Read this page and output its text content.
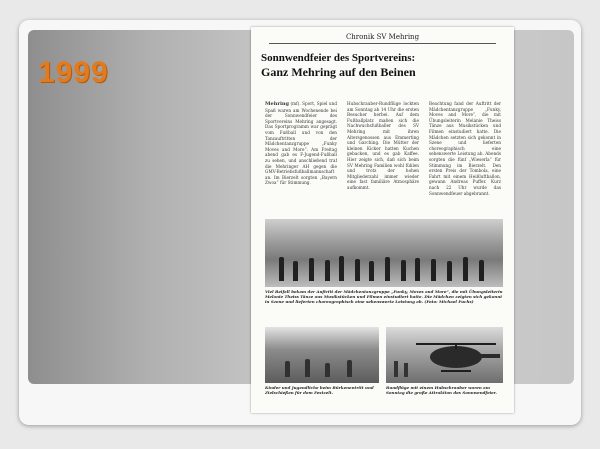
1999
Chronik SV Mehring
Sonnwendfeier des Sportvereins:
Ganz Mehring auf den Beinen
Mehring (mf). Sport, Spiel und Spaß waren am Wochenende bei der Sonnwendfeier des Sportvereins Mehring angesagt. Das Sportprogramm war geprägt vom Fußball und von den Tanzauftritten der Mädchentanzgruppe „Funky Moves and More“. Am Freitag abend gab es F-Jugend-Fußball zu sehen, und anschließend traf die Mehringer AH gegen die GMV-Betriebsfußballmannschaft an. Im Bierzelt sorgten „Bayern Zwoa“ für Stimmung.
Hubschrauber-Rundflüge lockten am Sonntag ab 14 Uhr die ersten Besucher herbei. Auf dem Fußballplatz maßen sich die Nachwuchsfußballer des SV Mehring mit ihren Altersgenossen aus Emmerting und Garching. Die Mütter der kleinen Kicker hatten Kuchen gebacken, und es gab Kaffee. Hier zeigte sich, daß sich beim SV Mehring Familien wohl fühlen und trotz der hohen Mitgliederzahl immer wieder eine fast familiäre Atmosphäre aufkommt.
Beachtung fand der Auftritt der Mädchentanzgruppe „Funky, Moves and More“, die mit Übungsleiterin Melanie Theiss Tänze aus Musikstücken und Filmen einstudiert hatte. Die Mädchen setzten sich gekonnt in Szene und lieferten choreographisch eine sehenswerte Leistung ab. Abends sorgten die fünf „Wieserla“ für Stimmung im Bierzelt. Den ersten Preis der Tombola, eine Fahrt mit einem Heißluftballon, gewann Andreas Puffer. Kurz nach 22 Uhr wurde das Sonnwendfeuer abgebrannt.
Viel Beifall bekam der Auftritt der Mädchentanzgruppe „Funky, Moves and More“, die mit Übungsleiterin Melanie Theiss Tänze aus Musikstücken und Filmen einstudiert hatte. Die Mädchen zeigten sich gekonnt in Szene und lieferten choreographisch eine sehenswerte Leistung ab. (Foto: Michael Fuchs)
Kinder und Jugendliche beim Bürkenentritt und Zielschießen für dem Festzelt.
Rundflüge mit einem Hubschrauber waren am Sonntag die große Attraktion des Sonnwendfeier.
